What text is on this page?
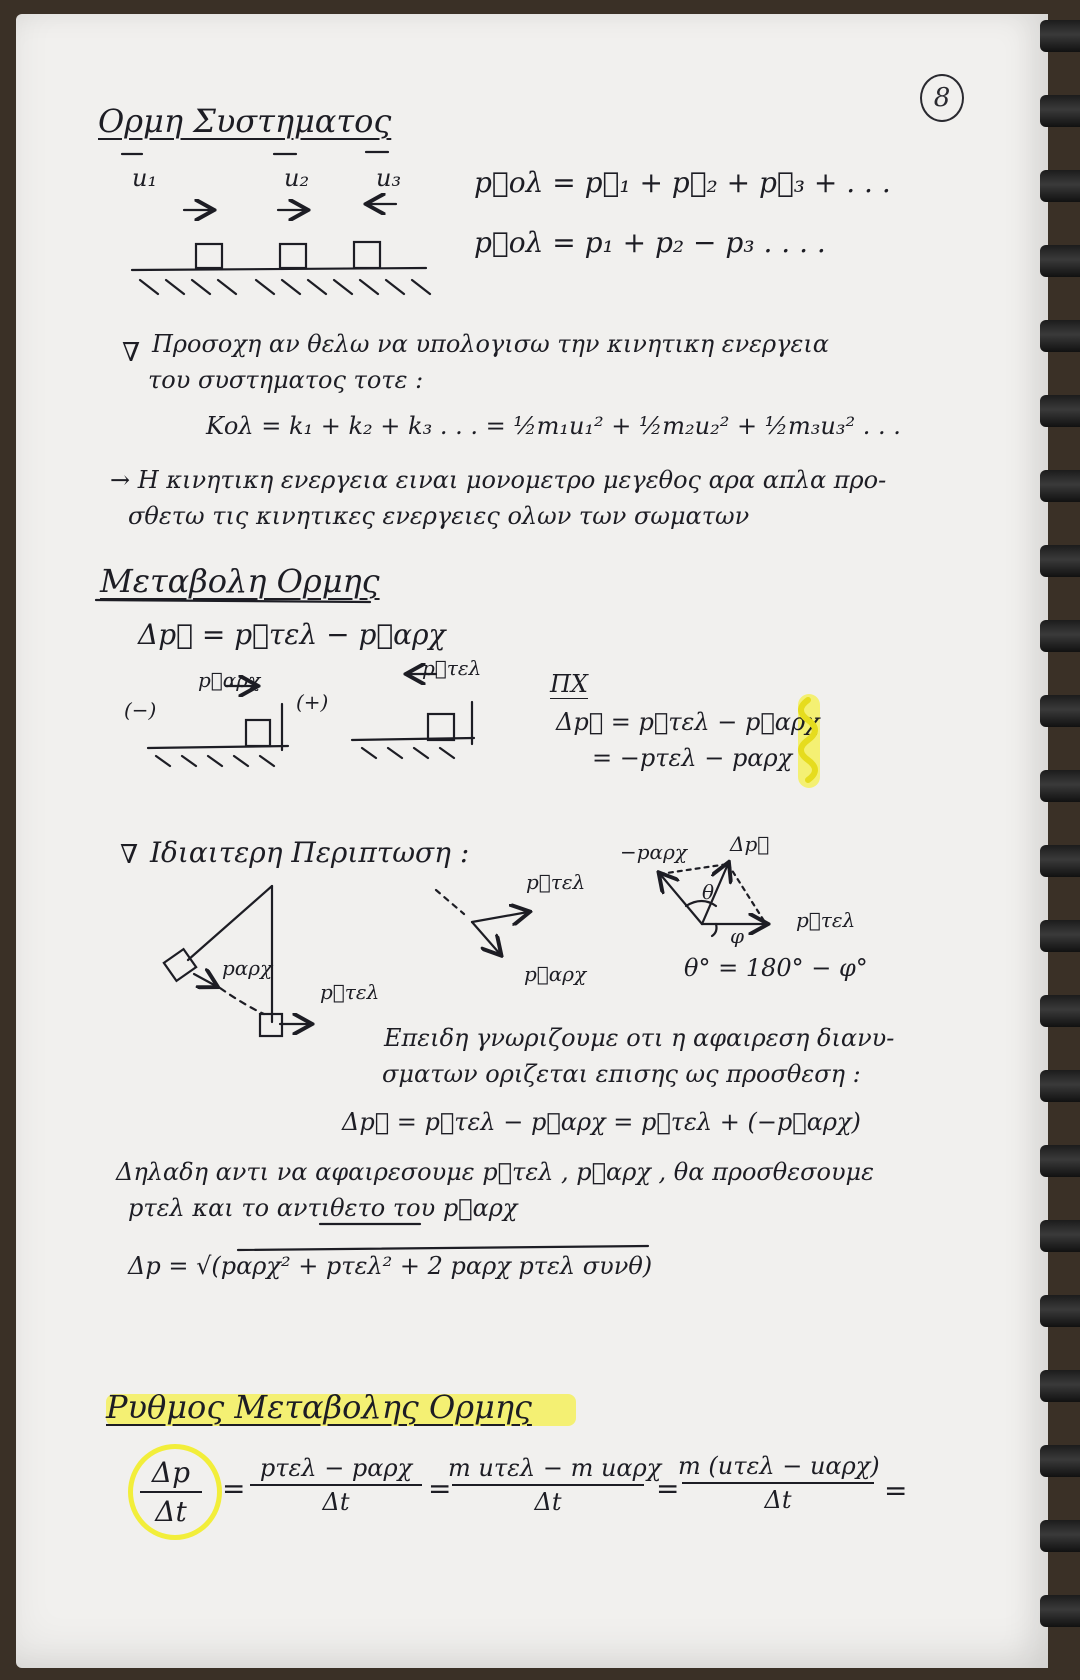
8
Ορμη Συστηματος
u₁	u₂	u₃	p⃗ολ = p⃗₁ + p⃗₂ + p⃗₃ + . . .
p⃗ολ = p₁ + p₂ − p₃ . . . .
∇ Προσοχη αν θελω να υπολογισω την κινητικη ενεργεια
του συστηματος τοτε :
Kολ = k₁ + k₂ + k₃ . . . = ½m₁u₁² + ½m₂u₂² + ½m₃u₃² . . .
→ Η κινητικη ενεργεια ειναι μονομετρο μεγεθος αρα απλα προ-
σθετω τις κινητικες ενεργειες ολων των σωματων
Μεταβολη Ορμης
Δp⃗ = p⃗τελ − p⃗αρχ
p⃗αρχ	p⃗τελ
(−)	(+)
ΠΧ
Δp⃗ = p⃗τελ − p⃗αρχ
= −pτελ − pαρχ
∇ Ιδιαιτερη Περιπτωση :
pαρχ
p⃗τελ
p⃗τελ
p⃗αρχ
−pαρχ Δp⃗
p⃗τελ
θ
φ
θ° = 180° − φ°
Επειδη γνωριζουμε οτι η αφαιρεση διανυ-
σματων οριζεται επισης ως προσθεση :
Δp⃗ = p⃗τελ − p⃗αρχ = p⃗τελ + (−p⃗αρχ)
Δηλαδη αντι να αφαιρεσουμε p⃗τελ , p⃗αρχ , θα προσθεσουμε
pτελ και το αντιθετο του p⃗αρχ
Δp = √(pαρχ² + pτελ² + 2 pαρχ pτελ συνθ)
Ρυθμος Μεταβολης Ορμης
Δp
Δt
=
pτελ − pαρχ
Δt	=
m uτελ − m uαρχ
Δt	=
m (uτελ − uαρχ)
Δt	=
